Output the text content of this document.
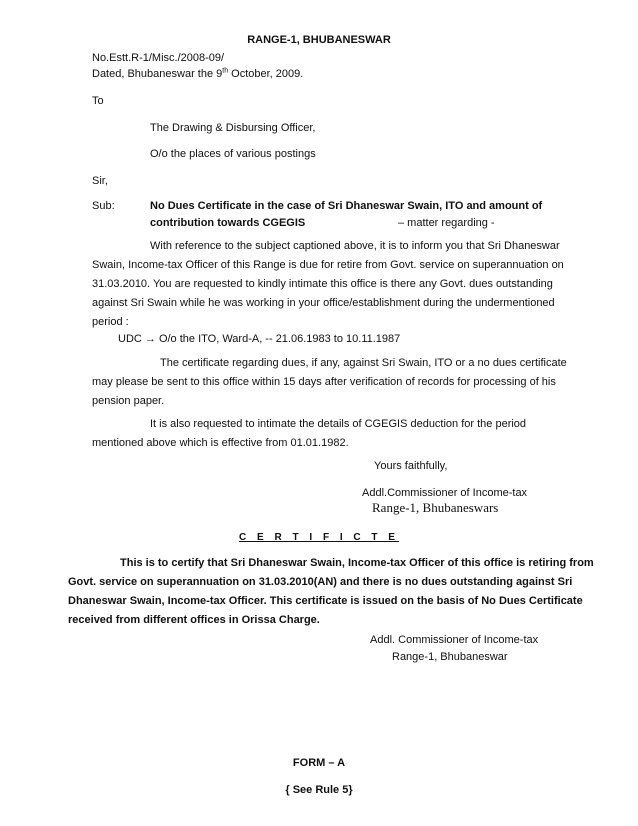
RANGE-1, BHUBANESWAR
No.Estt.R-1/Misc./2008-09/
Dated, Bhubaneswar the 9th October, 2009.
To
The Drawing & Disbursing Officer,
O/o the places of various postings
Sir,
Sub:	No Dues Certificate in the case of Sri Dhaneswar Swain, ITO and amount of
contribution towards CGEGIS	– matter regarding -

With reference to the subject captioned above, it is to inform you that Sri Dhaneswar

Swain, Income-tax Officer of this Range is due for retire from Govt. service on superannuation on

31.03.2010. You are requested to kindly intimate this office is there any Govt. dues outstanding

against Sri Swain while he was working in your office/establishment during the undermentioned

period :

UDC → O/o the ITO, Ward-A, -- 21.06.1983 to 10.11.1987

The certificate regarding dues, if any, against Sri Swain, ITO or a no dues certificate

may please be sent to this office within 15 days after verification of records for processing of his

pension paper.

It is also requested to intimate the details of CGEGIS deduction for the period

mentioned above which is effective from 01.01.1982.

Yours faithfully,
Addl.Commissioner of Income-tax
Range-1, Bhubaneswars
C E R T I F I C T E

This is to certify that Sri Dhaneswar Swain, Income-tax Officer of this office is retiring from

Govt. service on superannuation on 31.03.2010(AN) and there is no dues outstanding against Sri

Dhaneswar Swain, Income-tax Officer. This certificate is issued on the basis of No Dues Certificate

received from different offices in Orissa Charge.

Addl. Commissioner of Income-tax
Range-1, Bhubaneswar
FORM – A
{ See Rule 5}
